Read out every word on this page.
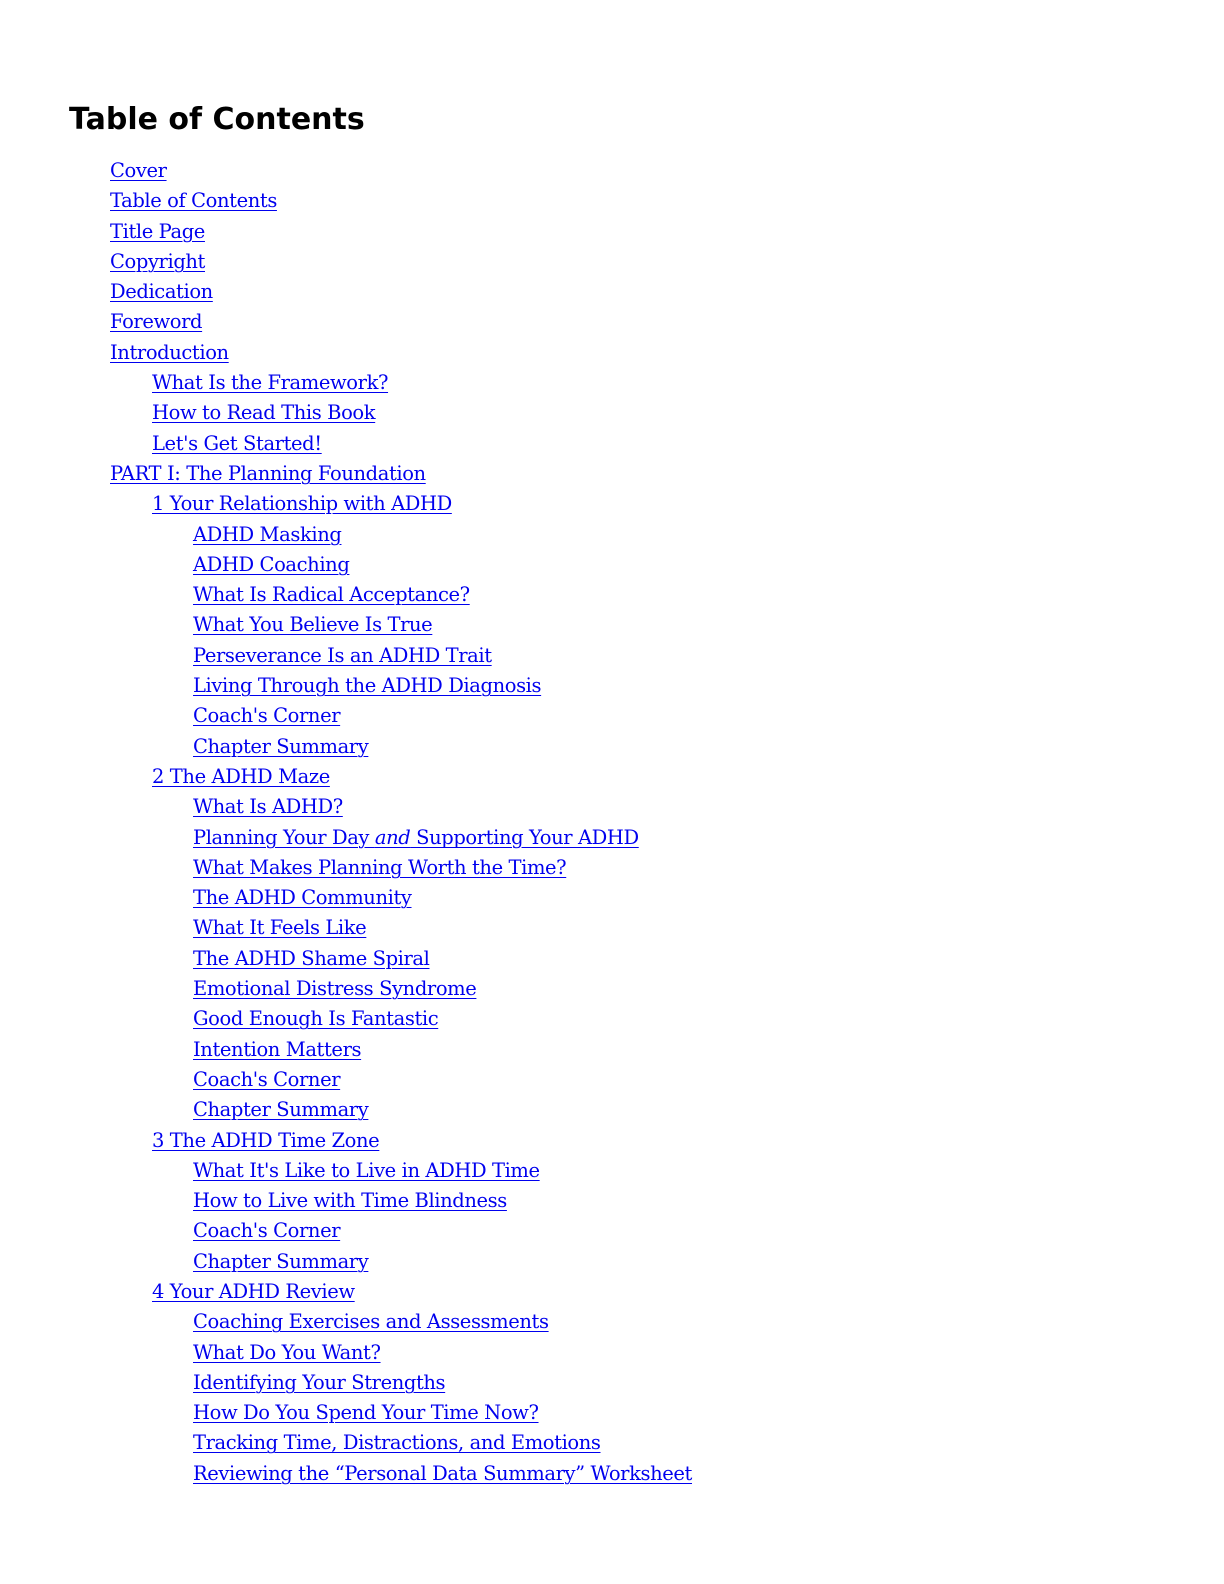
Table of Contents
Cover
Table of Contents
Title Page
Copyright
Dedication
Foreword
Introduction
What Is the Framework?
How to Read This Book
Let's Get Started!
PART I: The Planning Foundation
1 Your Relationship with ADHD
ADHD Masking
ADHD Coaching
What Is Radical Acceptance?
What You Believe Is True
Perseverance Is an ADHD Trait
Living Through the ADHD Diagnosis
Coach's Corner
Chapter Summary
2 The ADHD Maze
What Is ADHD?
Planning Your Day and Supporting Your ADHD
What Makes Planning Worth the Time?
The ADHD Community
What It Feels Like
The ADHD Shame Spiral
Emotional Distress Syndrome
Good Enough Is Fantastic
Intention Matters
Coach's Corner
Chapter Summary
3 The ADHD Time Zone
What It's Like to Live in ADHD Time
How to Live with Time Blindness
Coach's Corner
Chapter Summary
4 Your ADHD Review
Coaching Exercises and Assessments
What Do You Want?
Identifying Your Strengths
How Do You Spend Your Time Now?
Tracking Time, Distractions, and Emotions
Reviewing the “Personal Data Summary” Worksheet
